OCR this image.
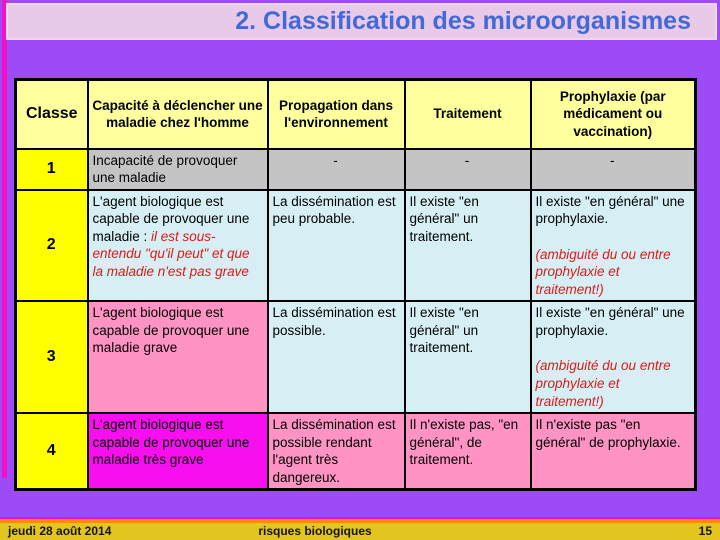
2. Classification des microorganismes
Classe	Capacité à déclencher une maladie chez l'homme	Propagation dans l'environnement	Traitement	Prophylaxie (par médicament ou vaccination)
1	Incapacité de provoquer une maladie	-	-	-
2	L'agent biologique est capable de provoquer une maladie : il est sous-entendu "qu'il peut" et que la maladie n'est pas grave	La dissémination est peu probable.	Il existe "en général" un traitement.	Il existe "en général" une prophylaxie.
(ambiguité du ou entre prophylaxie et traitement!)

3	L'agent biologique est capable de provoquer une maladie grave	La dissémination est possible.	Il existe "en général" un traitement.	Il existe "en général" une prophylaxie.
(ambiguité du ou entre prophylaxie et traitement!)

4	L'agent biologique est capable de provoquer une maladie très grave	La dissémination est possible rendant l'agent très dangereux.	Il n'existe pas, "en général", de traitement.	Il n'existe pas "en général" de prophylaxie.
jeudi 28 août 2014	risques biologiques	15
